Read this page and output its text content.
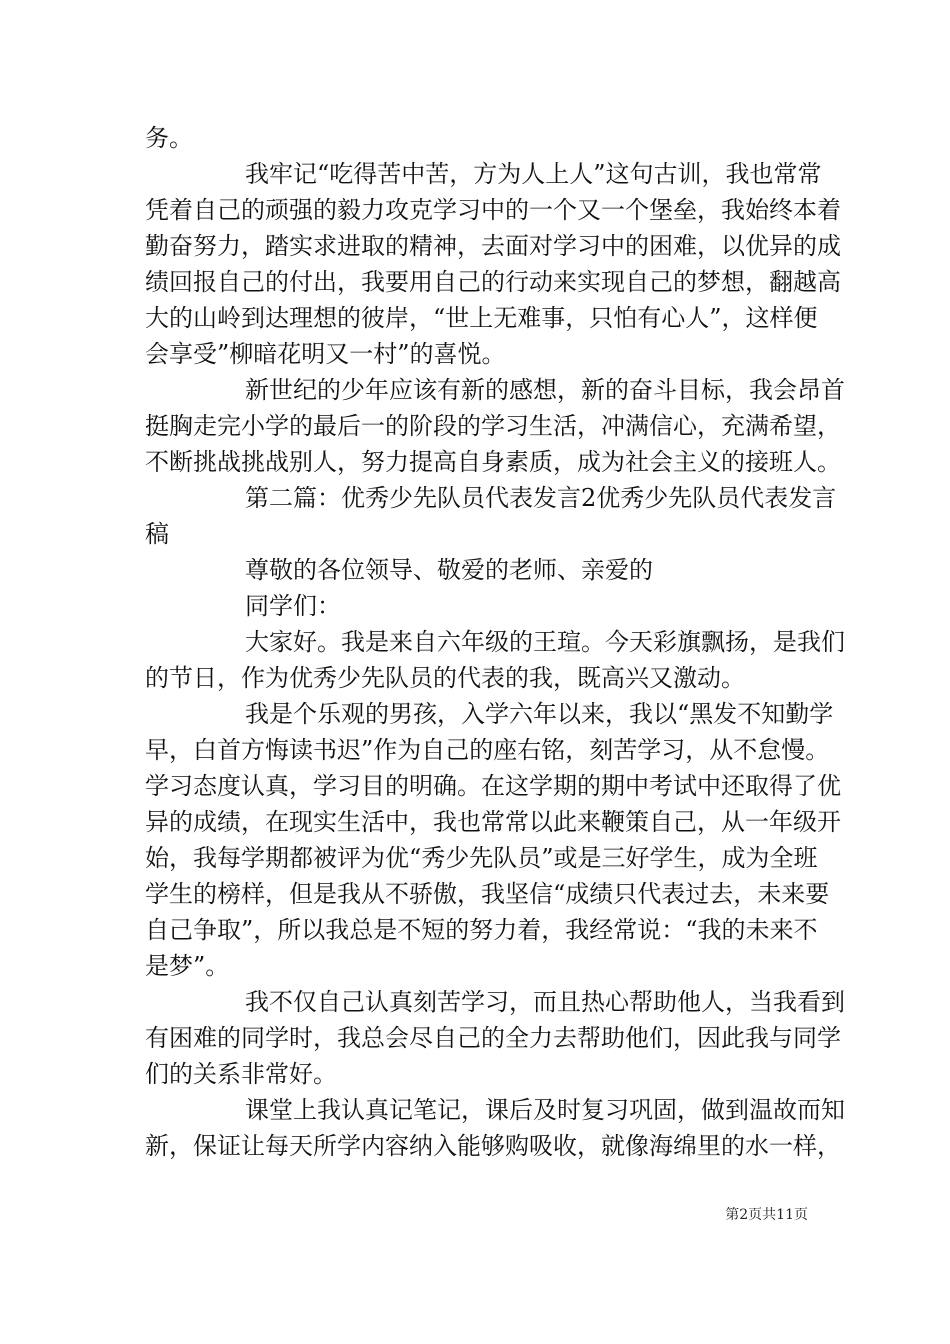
务。
我牢记“吃得苦中苦，方为人上人”这句古训，我也常常
凭着自己的顽强的毅力攻克学习中的一个又一个堡垒，我始终本着
勤奋努力，踏实求进取的精神，去面对学习中的困难，以优异的成
绩回报自己的付出，我要用自己的行动来实现自己的梦想，翻越高
大的山岭到达理想的彼岸，“世上无难事，只怕有心人”，这样便
会享受”柳暗花明又一村”的喜悦。
新世纪的少年应该有新的感想，新的奋斗目标，我会昂首
挺胸走完小学的最后一的阶段的学习生活，冲满信心，充满希望，
不断挑战挑战别人，努力提高自身素质，成为社会主义的接班人。
第二篇：优秀少先队员代表发言2优秀少先队员代表发言
稿
尊敬的各位领导、敬爱的老师、亲爱的
同学们：
大家好。我是来自六年级的王瑄。今天彩旗飘扬，是我们
的节日，作为优秀少先队员的代表的我，既高兴又激动。
我是个乐观的男孩，入学六年以来，我以“黑发不知勤学
早，白首方悔读书迟”作为自己的座右铭，刻苦学习，从不怠慢。
学习态度认真，学习目的明确。在这学期的期中考试中还取得了优
异的成绩，在现实生活中，我也常常以此来鞭策自己，从一年级开
始，我每学期都被评为优“秀少先队员”或是三好学生，成为全班
学生的榜样，但是我从不骄傲，我坚信“成绩只代表过去，未来要
自己争取”，所以我总是不短的努力着，我经常说：“我的未来不
是梦”。
我不仅自己认真刻苦学习，而且热心帮助他人，当我看到
有困难的同学时，我总会尽自己的全力去帮助他们，因此我与同学
们的关系非常好。
课堂上我认真记笔记，课后及时复习巩固，做到温故而知
新，保证让每天所学内容纳入能够购吸收，就像海绵里的水一样，
第2页共11页
